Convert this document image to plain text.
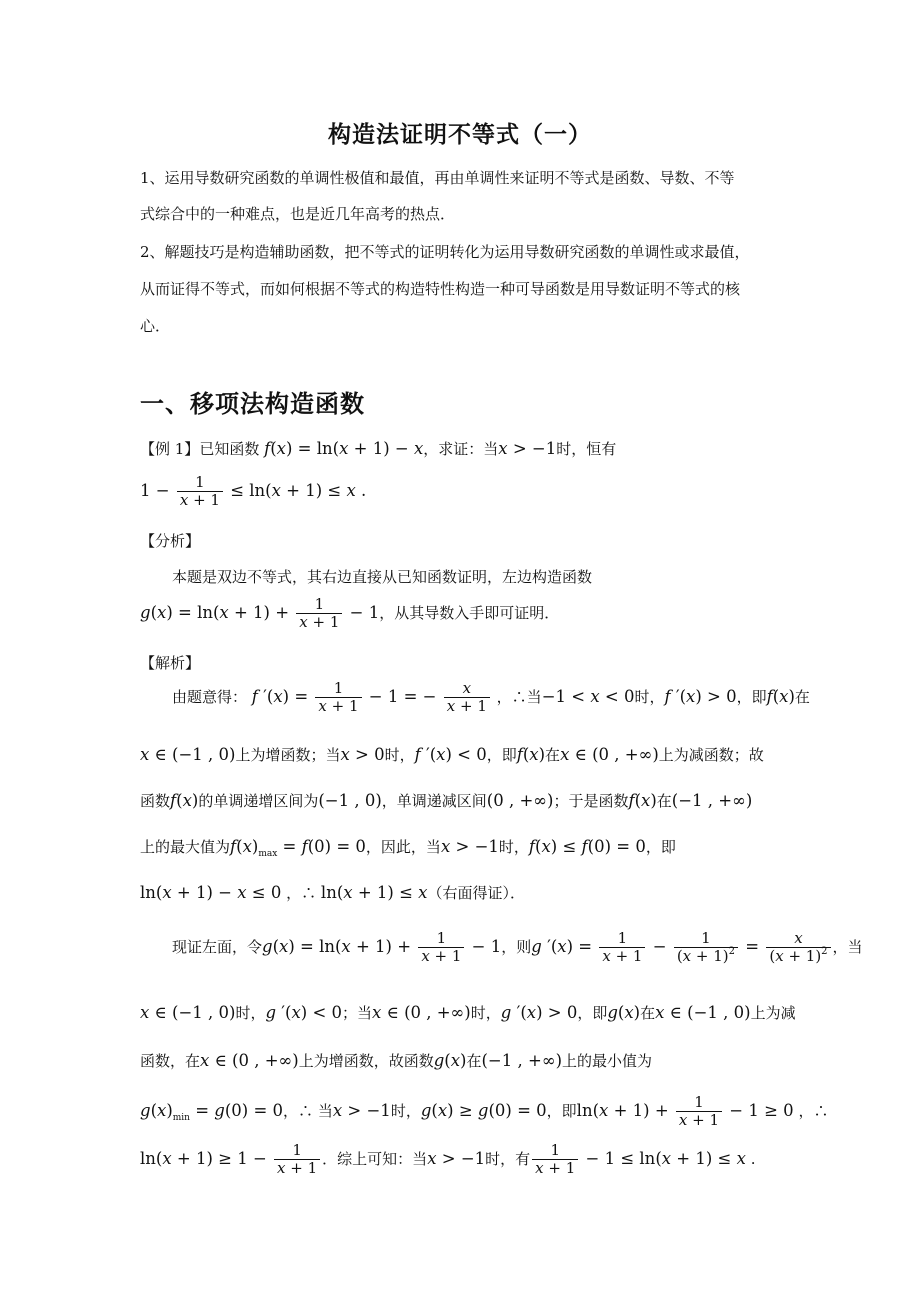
构造法证明不等式（一）
1、运用导数研究函数的单调性极值和最值，再由单调性来证明不等式是函数、导数、不等
式综合中的一种难点，也是近几年高考的热点．
2、解题技巧是构造辅助函数，把不等式的证明转化为运用导数研究函数的单调性或求最值，
从而证得不等式，而如何根据不等式的构造特性构造一种可导函数是用导数证明不等式的核
心．
一、移项法构造函数
【例 1】已知函数 f(x) = ln(x + 1) − x，求证：当x > −1时，恒有
$1 - \frac{1}{x + 1} \le \ln(x + 1) \le x$ .
【分析】
本题是双边不等式，其右边直接从已知函数证明，左边构造函数
$g(x) = \ln(x + 1) + \frac{1}{x + 1} - 1$，从其导数入手即可证明．
【解析】
由题意得： f $'(x) = \frac{1}{x + 1} - 1$ = − $\frac{x}{x + 1}$ ，∴当−1 < x < 0时，f ′(x) > 0，即f(x)在
x ∈ (−1 , 0)上为增函数；当x > 0时，f ′(x) < 0，即f(x)在x ∈ (0 , +∞)上为减函数；故
函数f(x)的单调递增区间为(−1 , 0)，单调递减区间(0 , +∞)；于是函数f(x)在(−1 , +∞)
上的最大值为$f(x)_{max} = f(0) = 0$，因此，当x > −1时，f(x) ≤ f(0) = 0，即
ln(x + 1) − x ≤ 0 ，∴ ln(x + 1) ≤ x（右面得证）．
现证左面，令$g(x) = \ln(x + 1) + \frac{1}{x + 1} - 1$，则g $'(x) = \frac{1}{x + 1} - \frac{1}{(x + 1)^2} = \frac{x}{(x + 1)^2}$ ，当
x ∈ (−1 , 0)时，g ′(x) < 0；当x ∈ (0 , +∞)时，g ′(x) > 0，即g(x)在x ∈ (−1 , 0)上为减
函数，在x ∈ (0 , +∞)上为增函数，故函数g(x)在(−1 , +∞)上的最小值为
$g(x)_{min} = g(0) = 0$，∴ 当x > −1时，g(x) ≥ g(0) = 0，即$\ln(x + 1) + \frac{1}{x + 1} - 1 \ge 0$ ，∴
$\ln(x + 1) \ge 1 - \frac{1}{x + 1}$ ．综上可知：当x > −1时，有 $\frac{1}{x + 1} - 1 \le \ln(x + 1) \le x$ .
